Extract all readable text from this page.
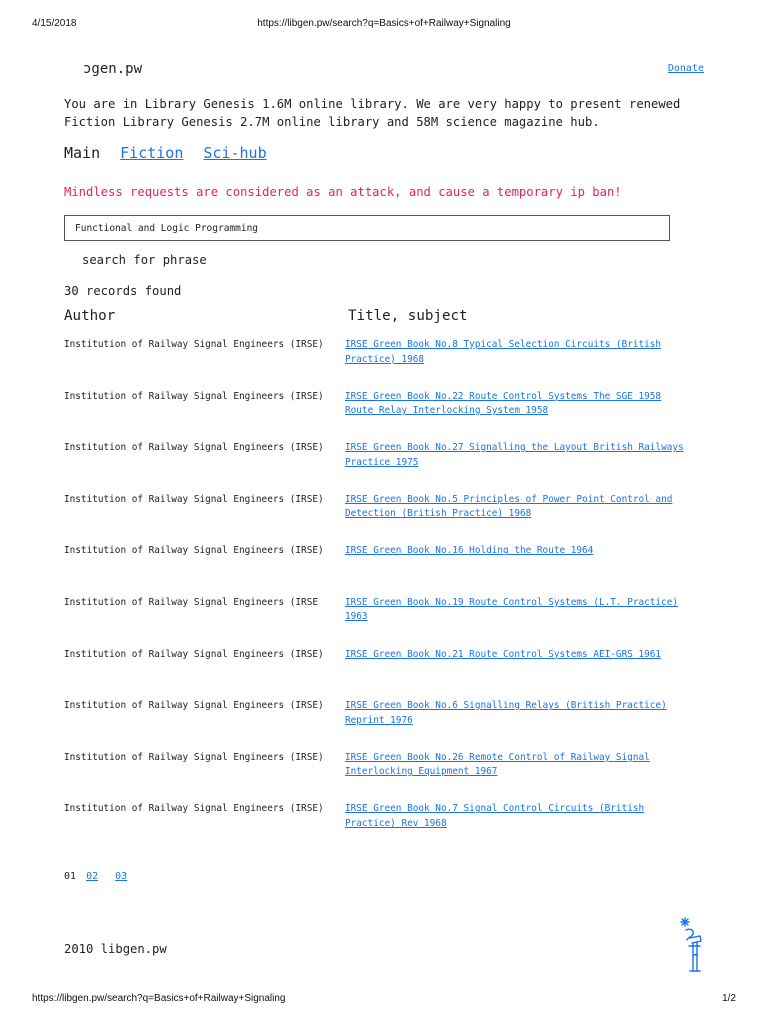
4/15/2018	https://libgen.pw/search?q=Basics+of+Railway+Signaling
ɔgen.pw	Donate

You are in Library Genesis 1.6M online library. We are very happy to present renewed

Fiction Library Genesis 2.7M online library and 58M science magazine hub.

Main Fiction Sci-hub
Mindless requests are considered as an attack, and cause a temporary ip ban!
Functional and Logic Programming
search for phrase
30 records found
Author	Title, subject
Institution of Railway Signal Engineers (IRSE) IRSE Green Book No.8 Typical Selection Circuits (British Practice) 1968
Institution of Railway Signal Engineers (IRSE) IRSE Green Book No.22 Route Control Systems The SGE 1958 Route Relay Interlocking System 1958
Institution of Railway Signal Engineers (IRSE) IRSE Green Book No.27 Signalling the Layout British Railways Practice 1975
Institution of Railway Signal Engineers (IRSE) IRSE Green Book No.5 Principles of Power Point Control and Detection (British Practice) 1968
Institution of Railway Signal Engineers (IRSE) IRSE Green Book No.16 Holding the Route 1964
Institution of Railway Signal Engineers (IRSE	IRSE Green Book No.19 Route Control Systems (L.T. Practice) 1963
Institution of Railway Signal Engineers (IRSE) IRSE Green Book No.21 Route Control Systems AEI-GRS 1961
Institution of Railway Signal Engineers (IRSE) IRSE Green Book No.6 Signalling Relays (British Practice) Reprint 1976
Institution of Railway Signal Engineers (IRSE) IRSE Green Book No.26 Remote Control of Railway Signal Interlocking Equipment 1967
Institution of Railway Signal Engineers (IRSE) IRSE Green Book No.7 Signal Control Circuits (British Practice) Rev 1968
01 02 03
2010 libgen.pw
https://libgen.pw/search?q=Basics+of+Railway+Signaling	1/2
